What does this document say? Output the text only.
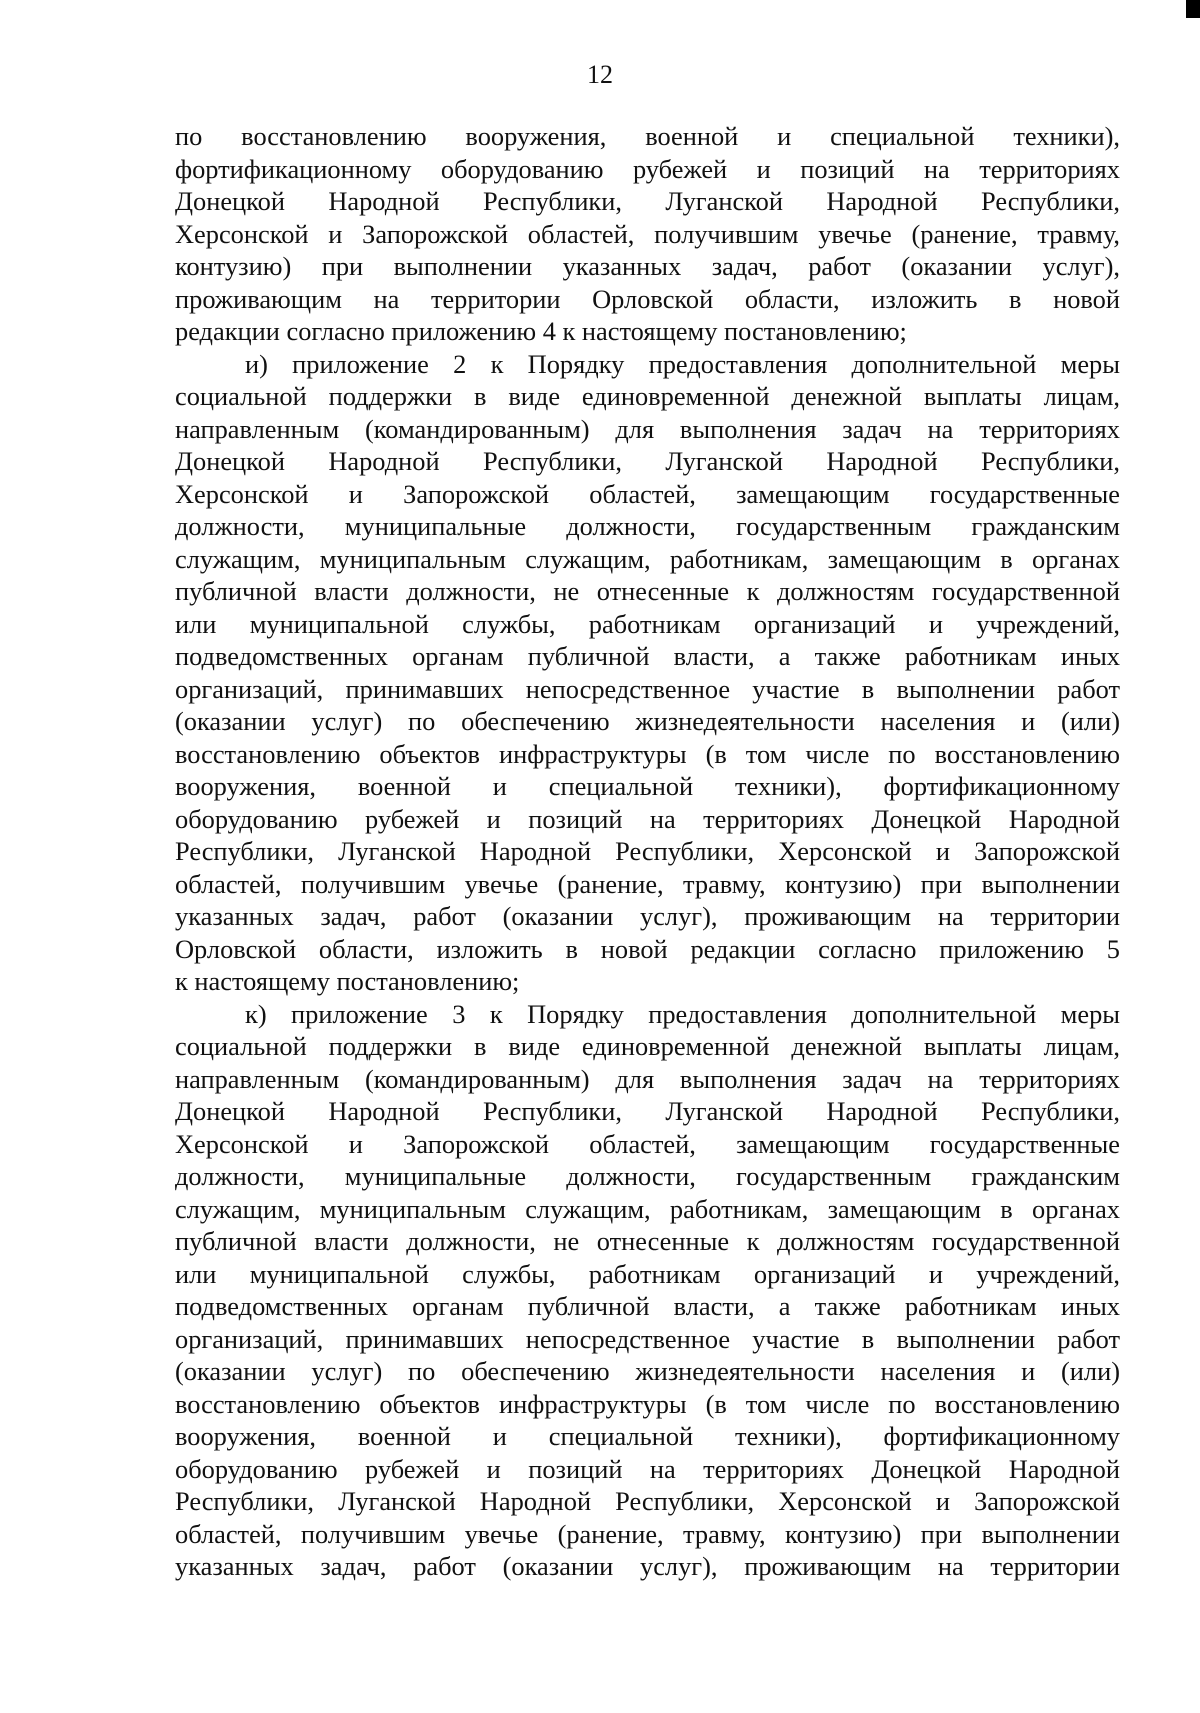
12
по восстановлению вооружения, военной и специальной техники),
фортификационному оборудованию рубежей и позиций на территориях
Донецкой Народной Республики, Луганской Народной Республики,
Херсонской и Запорожской областей, получившим увечье (ранение, травму,
контузию) при выполнении указанных задач, работ (оказании услуг),
проживающим на территории Орловской области, изложить в новой
редакции согласно приложению 4 к настоящему постановлению;
и) приложение 2 к Порядку предоставления дополнительной меры
социальной поддержки в виде единовременной денежной выплаты лицам,
направленным (командированным) для выполнения задач на территориях
Донецкой Народной Республики, Луганской Народной Республики,
Херсонской и Запорожской областей, замещающим государственные
должности, муниципальные должности, государственным гражданским
служащим, муниципальным служащим, работникам, замещающим в органах
публичной власти должности, не отнесенные к должностям государственной
или муниципальной службы, работникам организаций и учреждений,
подведомственных органам публичной власти, а также работникам иных
организаций, принимавших непосредственное участие в выполнении работ
(оказании услуг) по обеспечению жизнедеятельности населения и (или)
восстановлению объектов инфраструктуры (в том числе по восстановлению
вооружения, военной и специальной техники), фортификационному
оборудованию рубежей и позиций на территориях Донецкой Народной
Республики, Луганской Народной Республики, Херсонской и Запорожской
областей, получившим увечье (ранение, травму, контузию) при выполнении
указанных задач, работ (оказании услуг), проживающим на территории
Орловской области, изложить в новой редакции согласно приложению 5
к настоящему постановлению;
к) приложение 3 к Порядку предоставления дополнительной меры
социальной поддержки в виде единовременной денежной выплаты лицам,
направленным (командированным) для выполнения задач на территориях
Донецкой Народной Республики, Луганской Народной Республики,
Херсонской и Запорожской областей, замещающим государственные
должности, муниципальные должности, государственным гражданским
служащим, муниципальным служащим, работникам, замещающим в органах
публичной власти должности, не отнесенные к должностям государственной
или муниципальной службы, работникам организаций и учреждений,
подведомственных органам публичной власти, а также работникам иных
организаций, принимавших непосредственное участие в выполнении работ
(оказании услуг) по обеспечению жизнедеятельности населения и (или)
восстановлению объектов инфраструктуры (в том числе по восстановлению
вооружения, военной и специальной техники), фортификационному
оборудованию рубежей и позиций на территориях Донецкой Народной
Республики, Луганской Народной Республики, Херсонской и Запорожской
областей, получившим увечье (ранение, травму, контузию) при выполнении
указанных задач, работ (оказании услуг), проживающим на территории
